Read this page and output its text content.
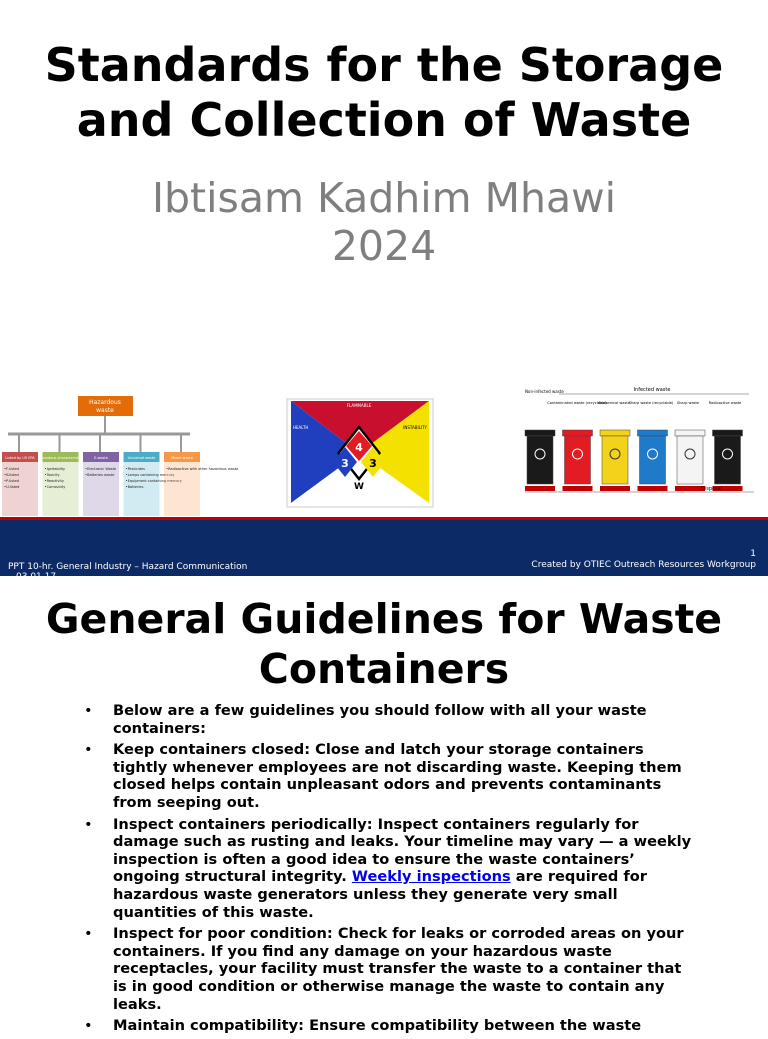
Standards for the Storage and Collection of Waste
Ibtisam Kadhim Mhawi
2024
Hazardous
waste
Listed by US EPA
•F-listed
•K-listed
•P-listed
•U-listed
Hazardous characteristics
•Ignitability
•Toxicity
•Reactivity
•Corrosivity
E-waste
•Electronic Waste
•Batteries waste
Universal waste
•Pesticides
•Lamps containing mercury
•Equipment containing mercury
•Batteries
Mixed waste
•Radioactive with other hazardous waste
4
3 3
W
FLAMMABLE
HEALTH	INSTABILITY
Infected waste
Non-infected waste
Contaminated waste (recyclable)
Anatomical waste
Sharp waste (recyclable) Sharp waste	Radioactive waste
Disposal
PPT 10-hr. General Industry – Hazard Communication
1
Created by OTIEC Outreach Resources Workgroup
General Guidelines for Waste Containers
• Below are a few guidelines you should follow with all your waste containers:
• Keep containers closed: Close and latch your storage containers tightly whenever employees are not discarding waste. Keeping them closed helps contain unpleasant odors and prevents contaminants from seeping out.
• Inspect containers periodically: Inspect containers regularly for damage such as rusting and leaks. Your timeline may vary — a weekly inspection is often a good idea to ensure the waste containers’ ongoing structural integrity. Weekly inspections are required for hazardous waste generators unless they generate very small quantities of this waste.
• Inspect for poor condition: Check for leaks or corroded areas on your containers. If you find any damage on your hazardous waste receptacles, your facility must transfer the waste to a container that is in good condition or otherwise manage the waste to contain any leaks.
• Maintain compatibility: Ensure compatibility between the waste
